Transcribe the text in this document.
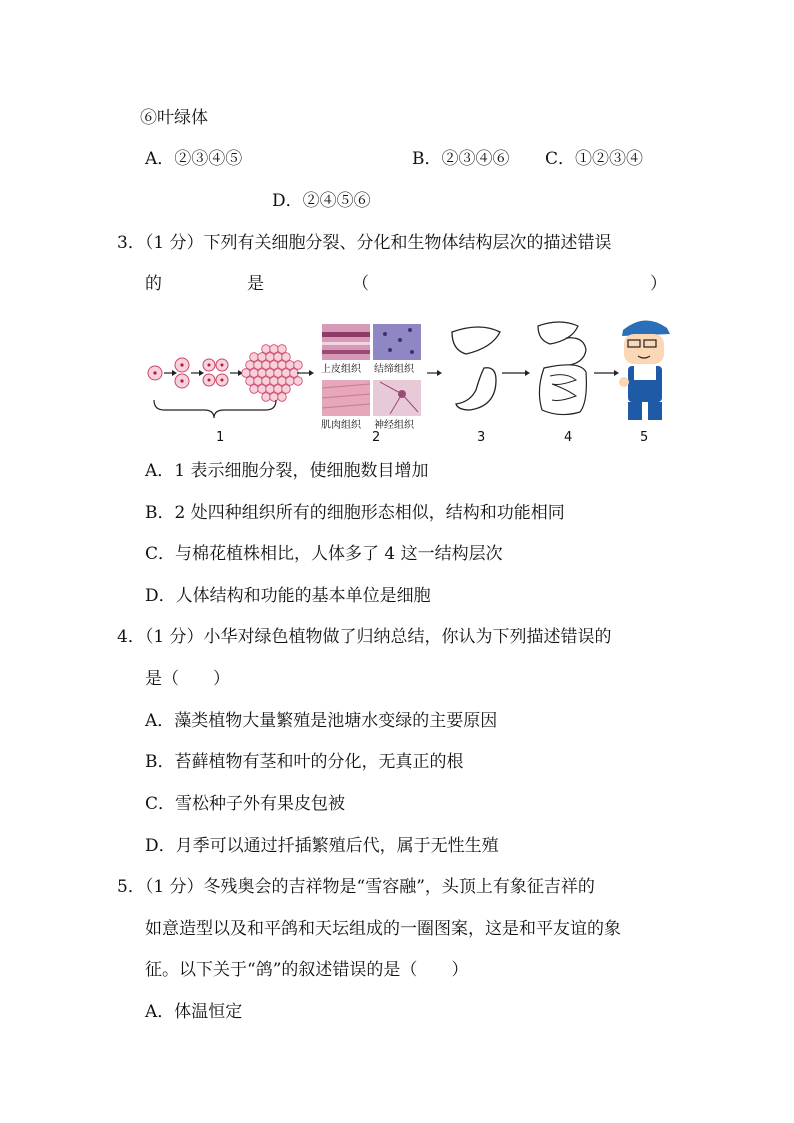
⑥叶绿体
A．②③④⑤	B．②③④⑥ C．①②③④
D．②④⑤⑥
3．（1 分）下列有关细胞分裂、分化和生物体结构层次的描述错误
的	是	（	）
上皮组织 结缔组织
肌肉组织 神经组织
1	2	3	4	5
A．1 表示细胞分裂，使细胞数目增加
B．2 处四种组织所有的细胞形态相似，结构和功能相同
C．与棉花植株相比，人体多了 4 这一结构层次
D．人体结构和功能的基本单位是细胞
4．（1 分）小华对绿色植物做了归纳总结，你认为下列描述错误的
是（　　）
A．藻类植物大量繁殖是池塘水变绿的主要原因
B．苔藓植物有茎和叶的分化，无真正的根
C．雪松种子外有果皮包被
D．月季可以通过扦插繁殖后代，属于无性生殖
5．（1 分）冬残奥会的吉祥物是“雪容融”，头顶上有象征吉祥的
如意造型以及和平鸽和天坛组成的一圈图案，这是和平友谊的象
征。以下关于“鸽”的叙述错误的是（　　）
A．体温恒定
